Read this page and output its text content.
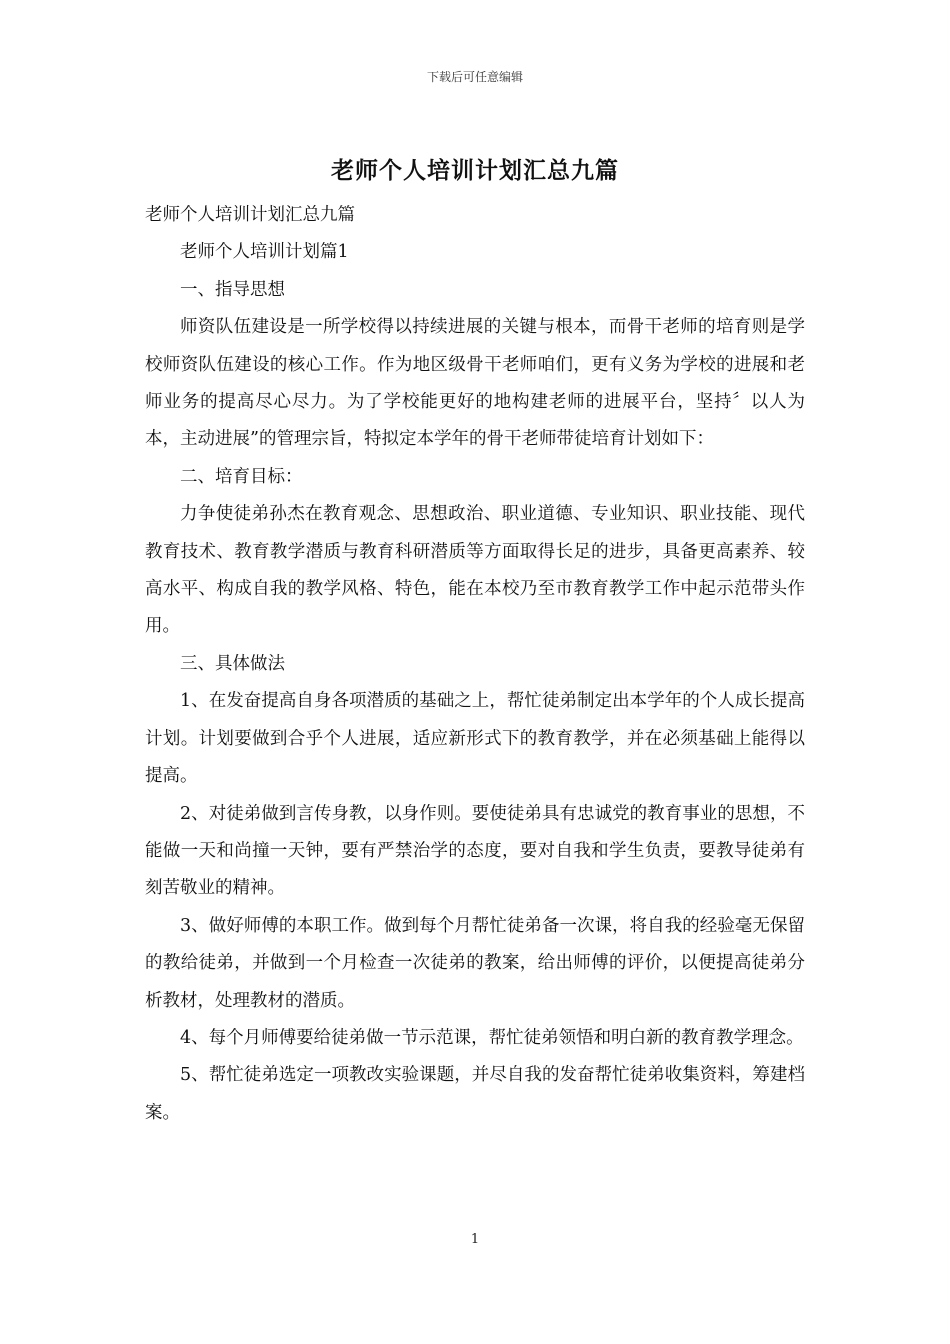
下载后可任意编辑
老师个人培训计划汇总九篇

老师个人培训计划汇总九篇

老师个人培训计划篇1

一、指导思想

师资队伍建设是一所学校得以持续进展的关键与根本，而骨干老师的培育则是学校师资队伍建设的核心工作。作为地区级骨干老师咱们，更有义务为学校的进展和老师业务的提高尽心尽力。为了学校能更好的地构建老师的进展平台，坚持〞以人为本，主动进展”的管理宗旨，特拟定本学年的骨干老师带徒培育计划如下：

二、培育目标：

力争使徒弟孙杰在教育观念、思想政治、职业道德、专业知识、职业技能、现代教育技术、教育教学潜质与教育科研潜质等方面取得长足的进步，具备更高素养、较高水平、构成自我的教学风格、特色，能在本校乃至市教育教学工作中起示范带头作用。

三、具体做法

1、在发奋提高自身各项潜质的基础之上，帮忙徒弟制定出本学年的个人成长提高计划。计划要做到合乎个人进展，适应新形式下的教育教学，并在必须基础上能得以提高。

2、对徒弟做到言传身教，以身作则。要使徒弟具有忠诚党的教育事业的思想，不能做一天和尚撞一天钟，要有严禁治学的态度，要对自我和学生负责，要教导徒弟有刻苦敬业的精神。

3、做好师傅的本职工作。做到每个月帮忙徒弟备一次课，将自我的经验毫无保留的教给徒弟，并做到一个月检查一次徒弟的教案，给出师傅的评价，以便提高徒弟分析教材，处理教材的潜质。

4、每个月师傅要给徒弟做一节示范课，帮忙徒弟领悟和明白新的教育教学理念。

5、帮忙徒弟选定一项教改实验课题，并尽自我的发奋帮忙徒弟收集资料，筹建档案。

1
